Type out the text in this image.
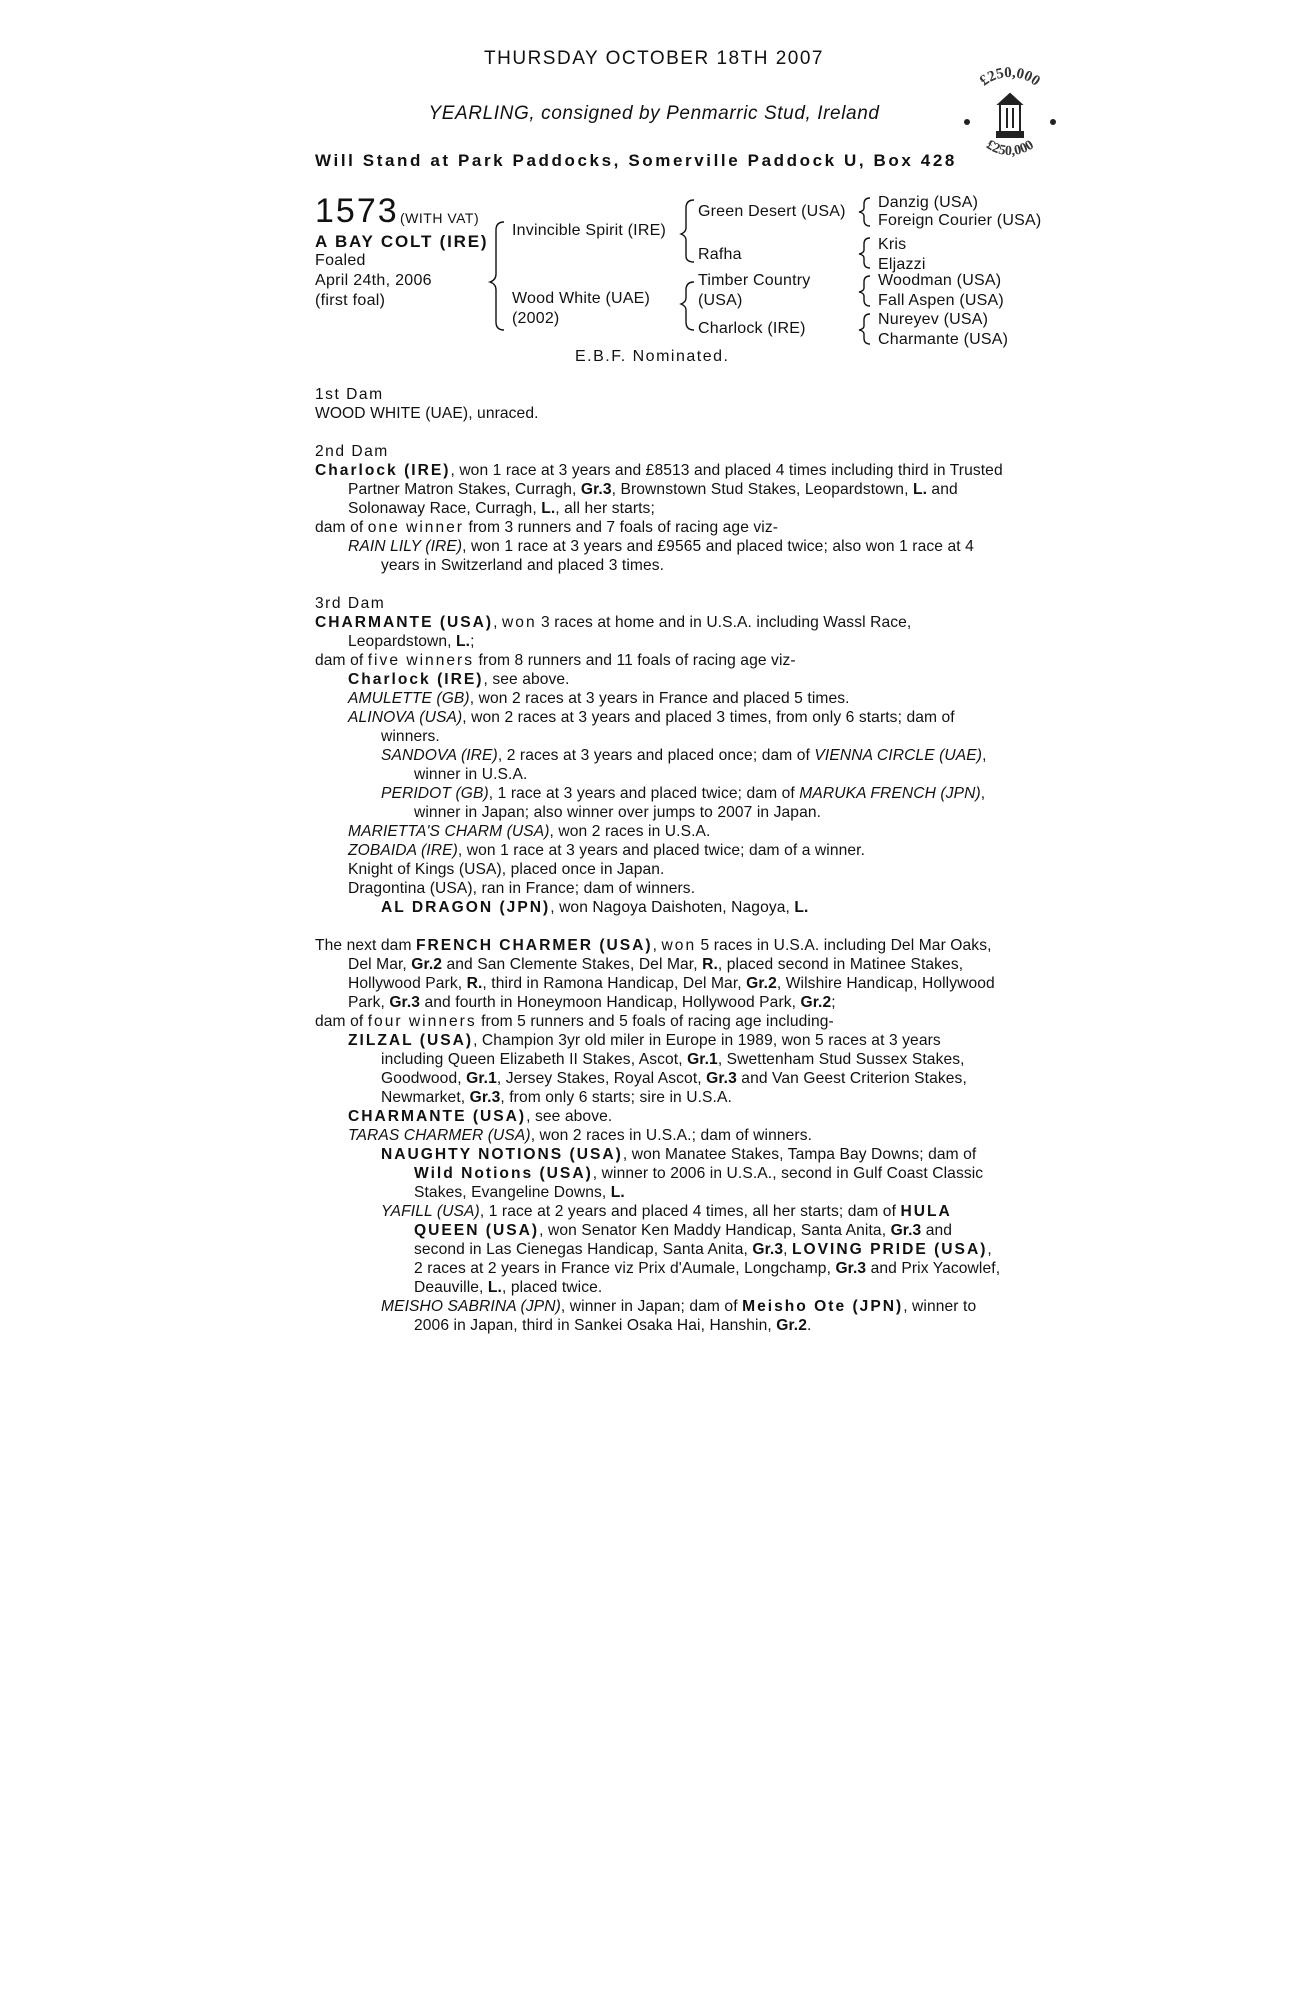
THURSDAY OCTOBER 18TH 2007
YEARLING, consigned by Penmarric Stud, Ireland
Will Stand at Park Paddocks, Somerville Paddock U, Box 428
£250,000
£250,000
1573 (WITH VAT)
A BAY COLT (IRE)
Foaled
April 24th, 2006
(first foal)
Invincible Spirit (IRE)
Wood White (UAE)
(2002)
Green Desert (USA)
Rafha
Timber Country
(USA)
Charlock (IRE)
Danzig (USA)
Foreign Courier (USA)
Kris
Eljazzi
Woodman (USA)
Fall Aspen (USA)
Nureyev (USA)
Charmante (USA)
E.B.F. Nominated.

1st Dam

WOOD WHITE (UAE), unraced.

2nd Dam

Charlock (IRE), won 1 race at 3 years and £8513 and placed 4 times including third in Trusted Partner Matron Stakes, Curragh, Gr.3, Brownstown Stud Stakes, Leopardstown, L. and Solonaway Race, Curragh, L., all her starts;

dam of one winner from 3 runners and 7 foals of racing age viz-

RAIN LILY (IRE), won 1 race at 3 years and £9565 and placed twice; also won 1 race at 4 years in Switzerland and placed 3 times.

3rd Dam

CHARMANTE (USA), won 3 races at home and in U.S.A. including Wassl Race, Leopardstown, L.;

dam of five winners from 8 runners and 11 foals of racing age viz-

Charlock (IRE), see above.

AMULETTE (GB), won 2 races at 3 years in France and placed 5 times.

ALINOVA (USA), won 2 races at 3 years and placed 3 times, from only 6 starts; dam of winners.

SANDOVA (IRE), 2 races at 3 years and placed once; dam of VIENNA CIRCLE (UAE), winner in U.S.A.

PERIDOT (GB), 1 race at 3 years and placed twice; dam of MARUKA FRENCH (JPN), winner in Japan; also winner over jumps to 2007 in Japan.

MARIETTA'S CHARM (USA), won 2 races in U.S.A.

ZOBAIDA (IRE), won 1 race at 3 years and placed twice; dam of a winner.

Knight of Kings (USA), placed once in Japan.

Dragontina (USA), ran in France; dam of winners.

AL DRAGON (JPN), won Nagoya Daishoten, Nagoya, L.

The next dam FRENCH CHARMER (USA), won 5 races in U.S.A. including Del Mar Oaks, Del Mar, Gr.2 and San Clemente Stakes, Del Mar, R., placed second in Matinee Stakes, Hollywood Park, R., third in Ramona Handicap, Del Mar, Gr.2, Wilshire Handicap, Hollywood Park, Gr.3 and fourth in Honeymoon Handicap, Hollywood Park, Gr.2;

dam of four winners from 5 runners and 5 foals of racing age including-

ZILZAL (USA), Champion 3yr old miler in Europe in 1989, won 5 races at 3 years including Queen Elizabeth II Stakes, Ascot, Gr.1, Swettenham Stud Sussex Stakes, Goodwood, Gr.1, Jersey Stakes, Royal Ascot, Gr.3 and Van Geest Criterion Stakes, Newmarket, Gr.3, from only 6 starts; sire in U.S.A.

CHARMANTE (USA), see above.

TARAS CHARMER (USA), won 2 races in U.S.A.; dam of winners.

NAUGHTY NOTIONS (USA), won Manatee Stakes, Tampa Bay Downs; dam of Wild Notions (USA), winner to 2006 in U.S.A., second in Gulf Coast Classic Stakes, Evangeline Downs, L.

YAFILL (USA), 1 race at 2 years and placed 4 times, all her starts; dam of HULA QUEEN (USA), won Senator Ken Maddy Handicap, Santa Anita, Gr.3 and second in Las Cienegas Handicap, Santa Anita, Gr.3, LOVING PRIDE (USA), 2 races at 2 years in France viz Prix d'Aumale, Longchamp, Gr.3 and Prix Yacowlef, Deauville, L., placed twice.

MEISHO SABRINA (JPN), winner in Japan; dam of Meisho Ote (JPN), winner to 2006 in Japan, third in Sankei Osaka Hai, Hanshin, Gr.2.
